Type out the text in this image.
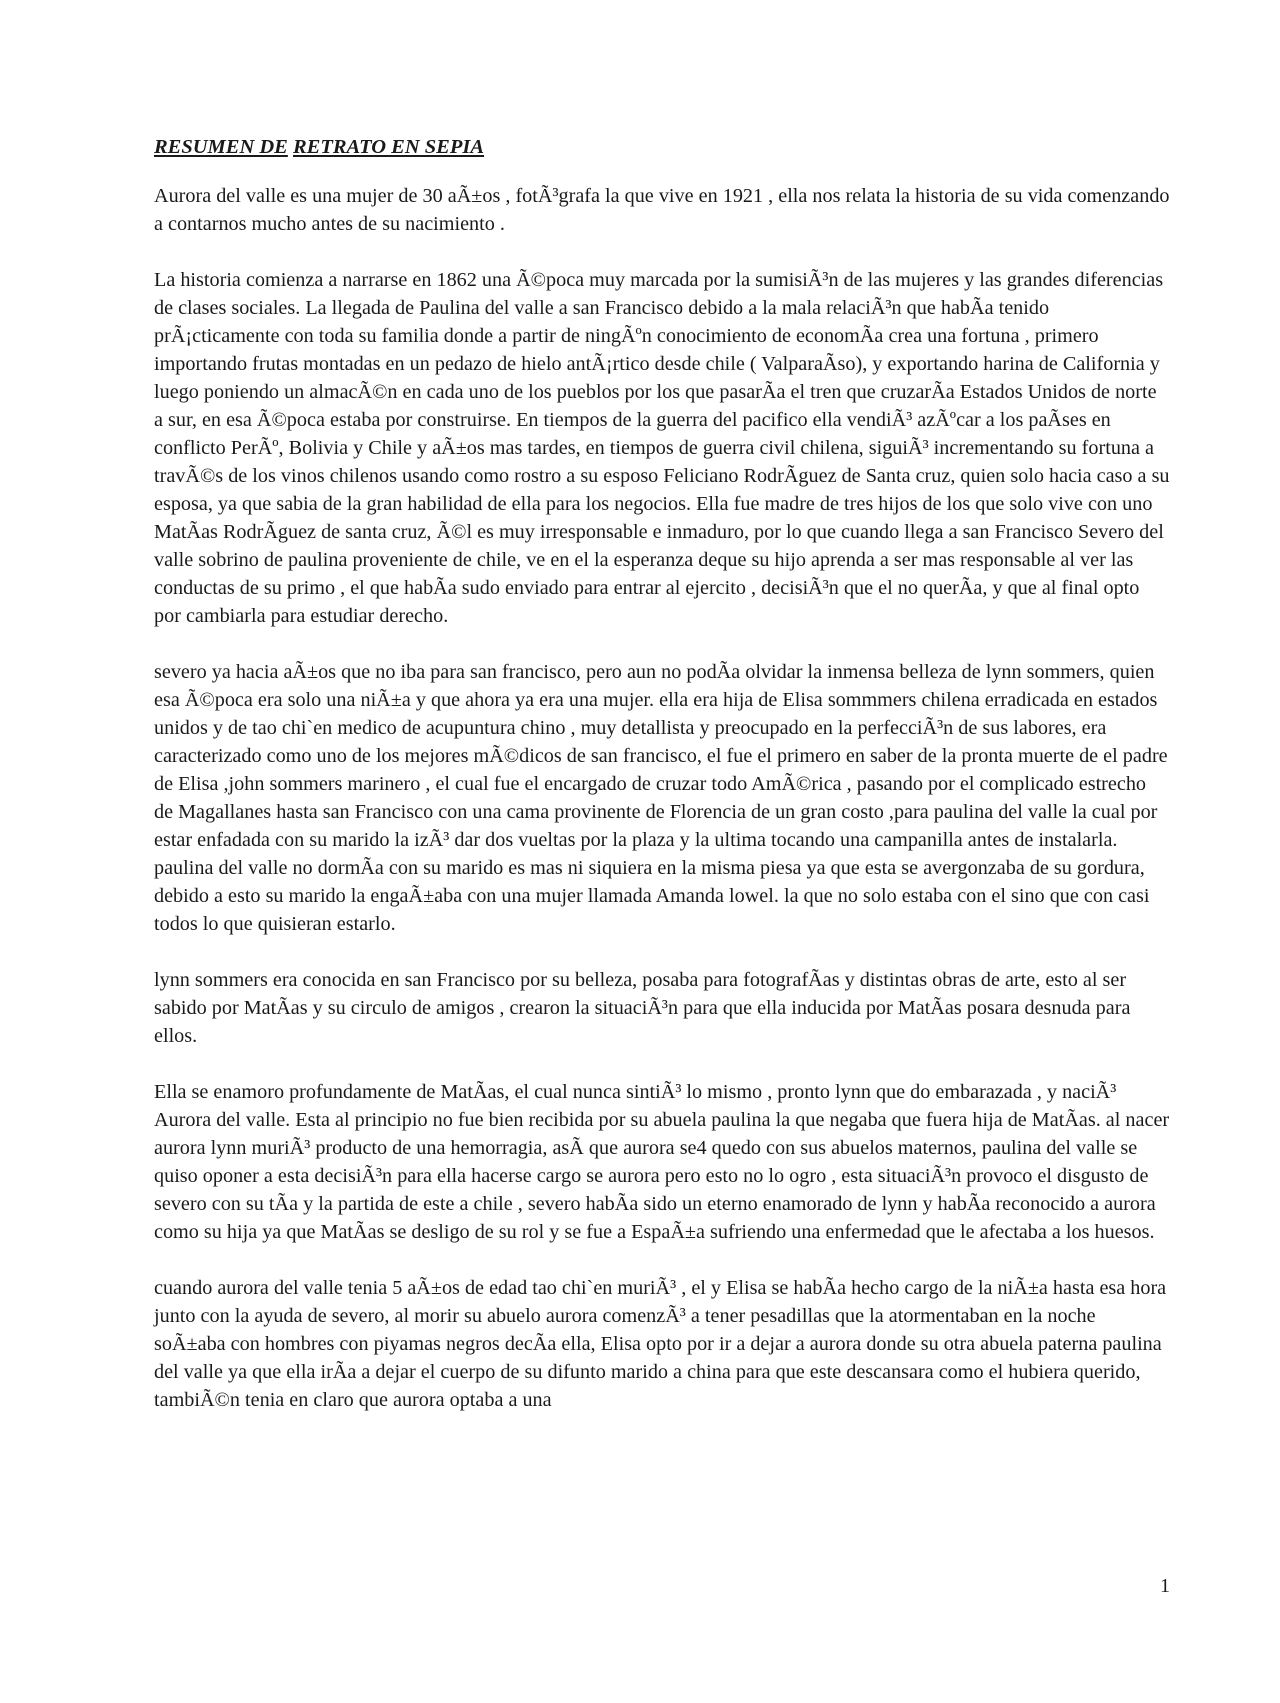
RESUMEN DE RETRATO EN SEPIA

Aurora del valle es una mujer de 30 aÃ±os , fotÃ³grafa la que vive en 1921 , ella nos relata la historia de su vida comenzando a contarnos mucho antes de su nacimiento .

La historia comienza a narrarse en 1862 una Ã©poca muy marcada por la sumisiÃ³n de las mujeres y las grandes diferencias de clases sociales. La llegada de Paulina del valle a san Francisco debido a la mala relaciÃ³n que habÃa tenido prÃ¡cticamente con toda su familia donde a partir de ningÃºn conocimiento de economÃa crea una fortuna , primero importando frutas montadas en un pedazo de hielo antÃ¡rtico desde chile ( ValparaÃso), y exportando harina de California y luego poniendo un almacÃ©n en cada uno de los pueblos por los que pasarÃa el tren que cruzarÃa Estados Unidos de norte a sur, en esa Ã©poca estaba por construirse. En tiempos de la guerra del pacifico ella vendiÃ³ azÃºcar a los paÃses en conflicto PerÃº, Bolivia y Chile y aÃ±os mas tardes, en tiempos de guerra civil chilena, siguiÃ³ incrementando su fortuna a travÃ©s de los vinos chilenos usando como rostro a su esposo Feliciano RodrÃguez de Santa cruz, quien solo hacia caso a su esposa, ya que sabia de la gran habilidad de ella para los negocios. Ella fue madre de tres hijos de los que solo vive con uno MatÃas RodrÃguez de santa cruz, Ã©l es muy irresponsable e inmaduro, por lo que cuando llega a san Francisco Severo del valle sobrino de paulina proveniente de chile, ve en el la esperanza deque su hijo aprenda a ser mas responsable al ver las conductas de su primo , el que habÃa sudo enviado para entrar al ejercito , decisiÃ³n que el no querÃa, y que al final opto por cambiarla para estudiar derecho.

severo ya hacia aÃ±os que no iba para san francisco, pero aun no podÃa olvidar la inmensa belleza de lynn sommers, quien esa Ã©poca era solo una niÃ±a y que ahora ya era una mujer. ella era hija de Elisa sommmers chilena erradicada en estados unidos y de tao chi`en medico de acupuntura chino , muy detallista y preocupado en la perfecciÃ³n de sus labores, era caracterizado como uno de los mejores mÃ©dicos de san francisco, el fue el primero en saber de la pronta muerte de el padre de Elisa ,john sommers marinero , el cual fue el encargado de cruzar todo AmÃ©rica , pasando por el complicado estrecho de Magallanes hasta san Francisco con una cama provinente de Florencia de un gran costo ,para paulina del valle la cual por estar enfadada con su marido la izÃ³ dar dos vueltas por la plaza y la ultima tocando una campanilla antes de instalarla. paulina del valle no dormÃa con su marido es mas ni siquiera en la misma piesa ya que esta se avergonzaba de su gordura, debido a esto su marido la engaÃ±aba con una mujer llamada Amanda lowel. la que no solo estaba con el sino que con casi todos lo que quisieran estarlo.

lynn sommers era conocida en san Francisco por su belleza, posaba para fotografÃas y distintas obras de arte, esto al ser sabido por MatÃas y su circulo de amigos , crearon la situaciÃ³n para que ella inducida por MatÃas posara desnuda para ellos.

Ella se enamoro profundamente de MatÃas, el cual nunca sintiÃ³ lo mismo , pronto lynn que do embarazada , y naciÃ³ Aurora del valle. Esta al principio no fue bien recibida por su abuela paulina la que negaba que fuera hija de MatÃas. al nacer aurora lynn muriÃ³ producto de una hemorragia, asÃ que aurora se4 quedo con sus abuelos maternos, paulina del valle se quiso oponer a esta decisiÃ³n para ella hacerse cargo se aurora pero esto no lo ogro , esta situaciÃ³n provoco el disgusto de severo con su tÃa y la partida de este a chile , severo habÃa sido un eterno enamorado de lynn y habÃa reconocido a aurora como su hija ya que MatÃas se desligo de su rol y se fue a EspaÃ±a sufriendo una enfermedad que le afectaba a los huesos.

cuando aurora del valle tenia 5 aÃ±os de edad tao chi`en muriÃ³ , el y Elisa se habÃa hecho cargo de la niÃ±a hasta esa hora junto con la ayuda de severo, al morir su abuelo aurora comenzÃ³ a tener pesadillas que la atormentaban en la noche soÃ±aba con hombres con piyamas negros decÃa ella, Elisa opto por ir a dejar a aurora donde su otra abuela paterna paulina del valle ya que ella irÃa a dejar el cuerpo de su difunto marido a china para que este descansara como el hubiera querido, tambiÃ©n tenia en claro que aurora optaba a una

1
